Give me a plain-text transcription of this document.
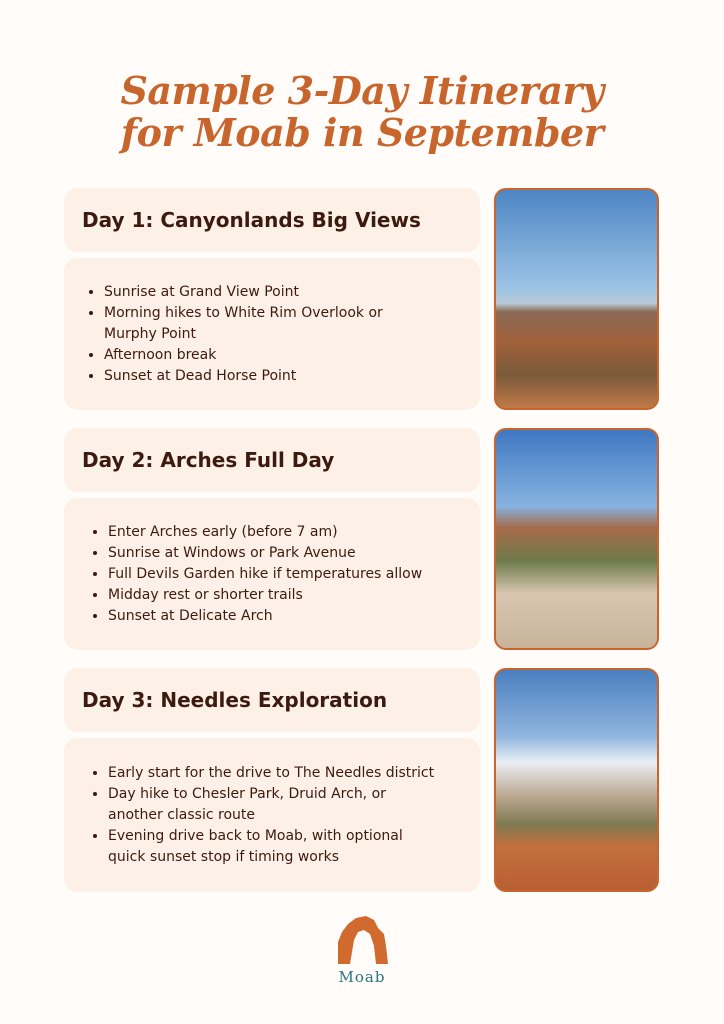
Sample 3-Day Itinerary
for Moab in September
Day 1: Canyonlands Big Views
• Sunrise at Grand View Point
• Morning hikes to White Rim Overlook or Murphy Point
• Afternoon break
• Sunset at Dead Horse Point
Day 2: Arches Full Day
• Enter Arches early (before 7 am)
• Sunrise at Windows or Park Avenue
• Full Devils Garden hike if temperatures allow
• Midday rest or shorter trails
• Sunset at Delicate Arch
Day 3: Needles Exploration
• Early start for the drive to The Needles district
• Day hike to Chesler Park, Druid Arch, or another classic route
• Evening drive back to Moab, with optional quick sunset stop if timing works
Moab
